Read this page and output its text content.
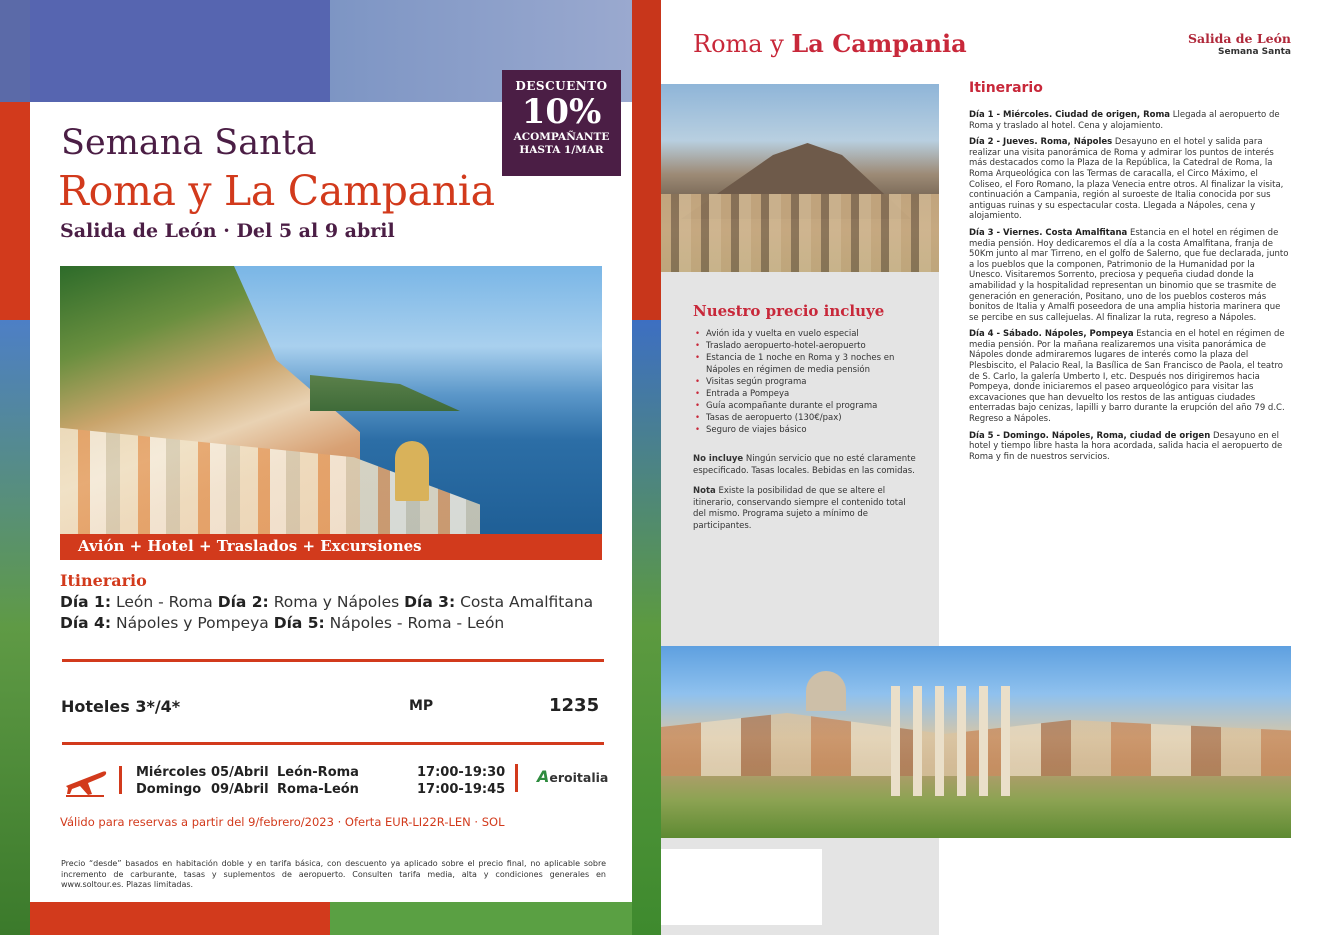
DESCUENTO
10%
ACOMPAÑANTE
HASTA 1/MAR
Semana Santa
Roma y La Campania
Salida de León · Del 5 al 9 abril
Avión + Hotel + Traslados + Excursiones
Itinerario
Día 1: León - Roma Día 2: Roma y Nápoles Día 3: Costa Amalfitana Día 4: Nápoles y Pompeya Día 5: Nápoles - Roma - León
Hoteles 3*/4*	MP	1235
Miércoles 05/Abril León-Roma	17:00-19:30
Domingo 09/Abril Roma-León	17:00-19:45
Aeroitalia
Válido para reservas a partir del 9/febrero/2023 · Oferta EUR-LI22R-LEN · SOL
Precio “desde” basados en habitación doble y en tarifa básica, con descuento ya aplicado sobre el precio final, no aplicable sobre incremento de carburante, tasas y suplementos de aeropuerto. Consulten tarifa media, alta y condiciones generales en www.soltour.es. Plazas limitadas.
Roma y La Campania	Salida de León
Semana Santa
Nuestro precio incluye
• Avión ida y vuelta en vuelo especial
• Traslado aeropuerto-hotel-aeropuerto
• Estancia de 1 noche en Roma y 3 noches en Nápoles en régimen de media pensión
• Visitas según programa
• Entrada a Pompeya
• Guía acompañante durante el programa
• Tasas de aeropuerto (130€/pax)
• Seguro de viajes básico
No incluye Ningún servicio que no esté claramente especificado. Tasas locales. Bebidas en las comidas.
Nota Existe la posibilidad de que se altere el itinerario, conservando siempre el contenido total del mismo. Programa sujeto a mínimo de participantes.
Itinerario

Día 1 - Miércoles. Ciudad de origen, Roma Llegada al aeropuerto de Roma y traslado al hotel. Cena y alojamiento.

Día 2 - Jueves. Roma, Nápoles Desayuno en el hotel y salida para realizar una visita panorámica de Roma y admirar los puntos de interés más destacados como la Plaza de la República, la Catedral de Roma, la Roma Arqueológica con las Termas de caracalla, el Circo Máximo, el Coliseo, el Foro Romano, la plaza Venecia entre otros. Al finalizar la visita, continuación a Campania, región al suroeste de Italia conocida por sus antiguas ruinas y su espectacular costa. Llegada a Nápoles, cena y alojamiento.

Día 3 - Viernes. Costa Amalfitana Estancia en el hotel en régimen de media pensión. Hoy dedicaremos el día a la costa Amalfitana, franja de 50Km junto al mar Tirreno, en el golfo de Salerno, que fue declarada, junto a los pueblos que la componen, Patrimonio de la Humanidad por la Unesco. Visitaremos Sorrento, preciosa y pequeña ciudad donde la amabilidad y la hospitalidad representan un binomio que se trasmite de generación en generación, Positano, uno de los pueblos costeros más bonitos de Italia y Amalfi poseedora de una amplia historia marinera que se percibe en sus callejuelas. Al finalizar la ruta, regreso a Nápoles.

Día 4 - Sábado. Nápoles, Pompeya Estancia en el hotel en régimen de media pensión. Por la mañana realizaremos una visita panorámica de Nápoles donde admiraremos lugares de interés como la plaza del Plesbiscito, el Palacio Real, la Basílica de San Francisco de Paola, el teatro de S. Carlo, la galería Umberto I, etc. Después nos dirigiremos hacia Pompeya, donde iniciaremos el paseo arqueológico para visitar las excavaciones que han devuelto los restos de las antiguas ciudades enterradas bajo cenizas, lapilli y barro durante la erupción del año 79 d.C. Regreso a Nápoles.

Día 5 - Domingo. Nápoles, Roma, ciudad de origen Desayuno en el hotel y tiempo libre hasta la hora acordada, salida hacia el aeropuerto de Roma y fin de nuestros servicios.
